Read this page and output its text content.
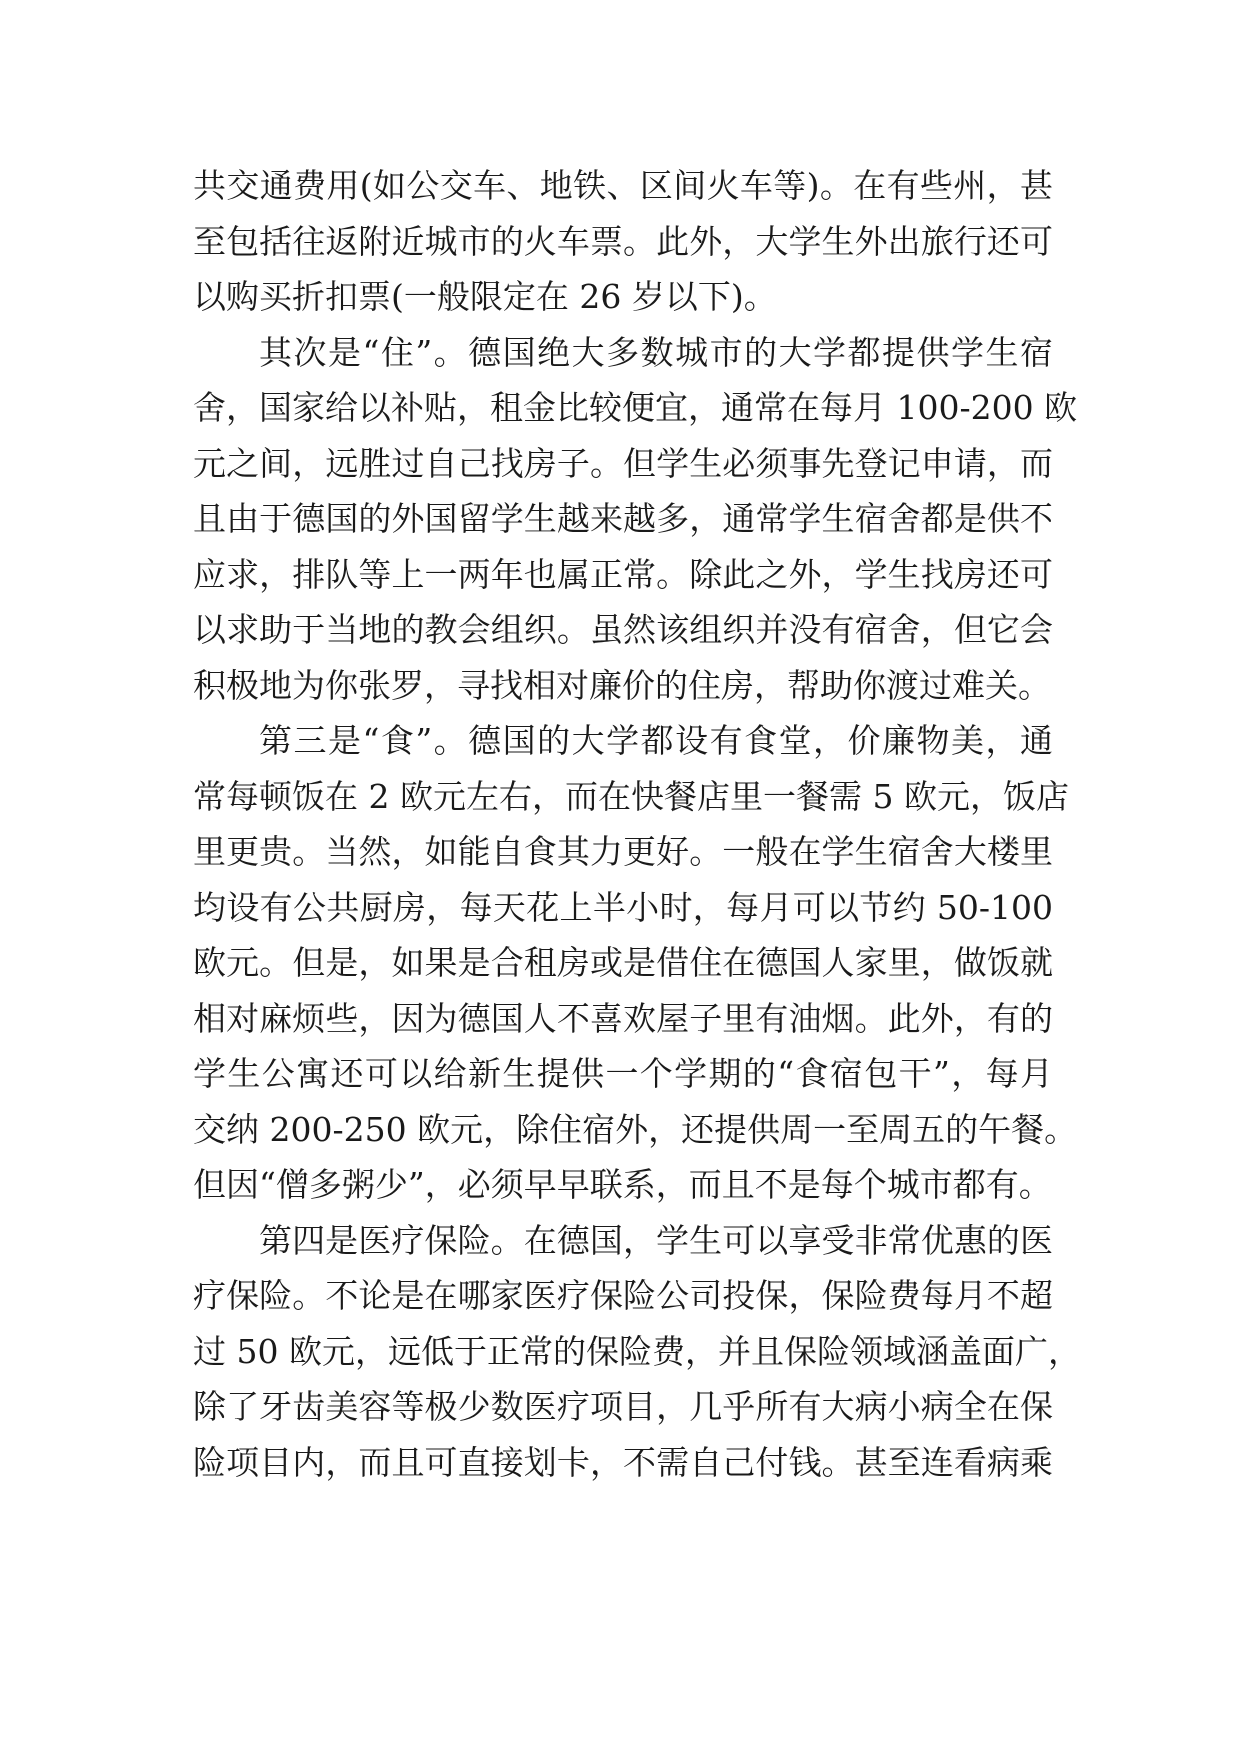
共交通费用(如公交车、地铁、区间火车等)。在有些州，甚
至包括往返附近城市的火车票。此外，大学生外出旅行还可
以购买折扣票(一般限定在 26 岁以下)。
其次是“住”。德国绝大多数城市的大学都提供学生宿
舍，国家给以补贴，租金比较便宜，通常在每月 100-200 欧
元之间，远胜过自己找房子。但学生必须事先登记申请，而
且由于德国的外国留学生越来越多，通常学生宿舍都是供不
应求，排队等上一两年也属正常。除此之外，学生找房还可
以求助于当地的教会组织。虽然该组织并没有宿舍，但它会
积极地为你张罗，寻找相对廉价的住房，帮助你渡过难关。
第三是“食”。德国的大学都设有食堂，价廉物美，通
常每顿饭在 2 欧元左右，而在快餐店里一餐需 5 欧元，饭店
里更贵。当然，如能自食其力更好。一般在学生宿舍大楼里
均设有公共厨房，每天花上半小时，每月可以节约 50-100
欧元。但是，如果是合租房或是借住在德国人家里，做饭就
相对麻烦些，因为德国人不喜欢屋子里有油烟。此外，有的
学生公寓还可以给新生提供一个学期的“食宿包干”，每月
交纳 200-250 欧元，除住宿外，还提供周一至周五的午餐。
但因“僧多粥少”，必须早早联系，而且不是每个城市都有。
第四是医疗保险。在德国，学生可以享受非常优惠的医
疗保险。不论是在哪家医疗保险公司投保，保险费每月不超
过 50 欧元，远低于正常的保险费，并且保险领域涵盖面广，
除了牙齿美容等极少数医疗项目，几乎所有大病小病全在保
险项目内，而且可直接划卡，不需自己付钱。甚至连看病乘
